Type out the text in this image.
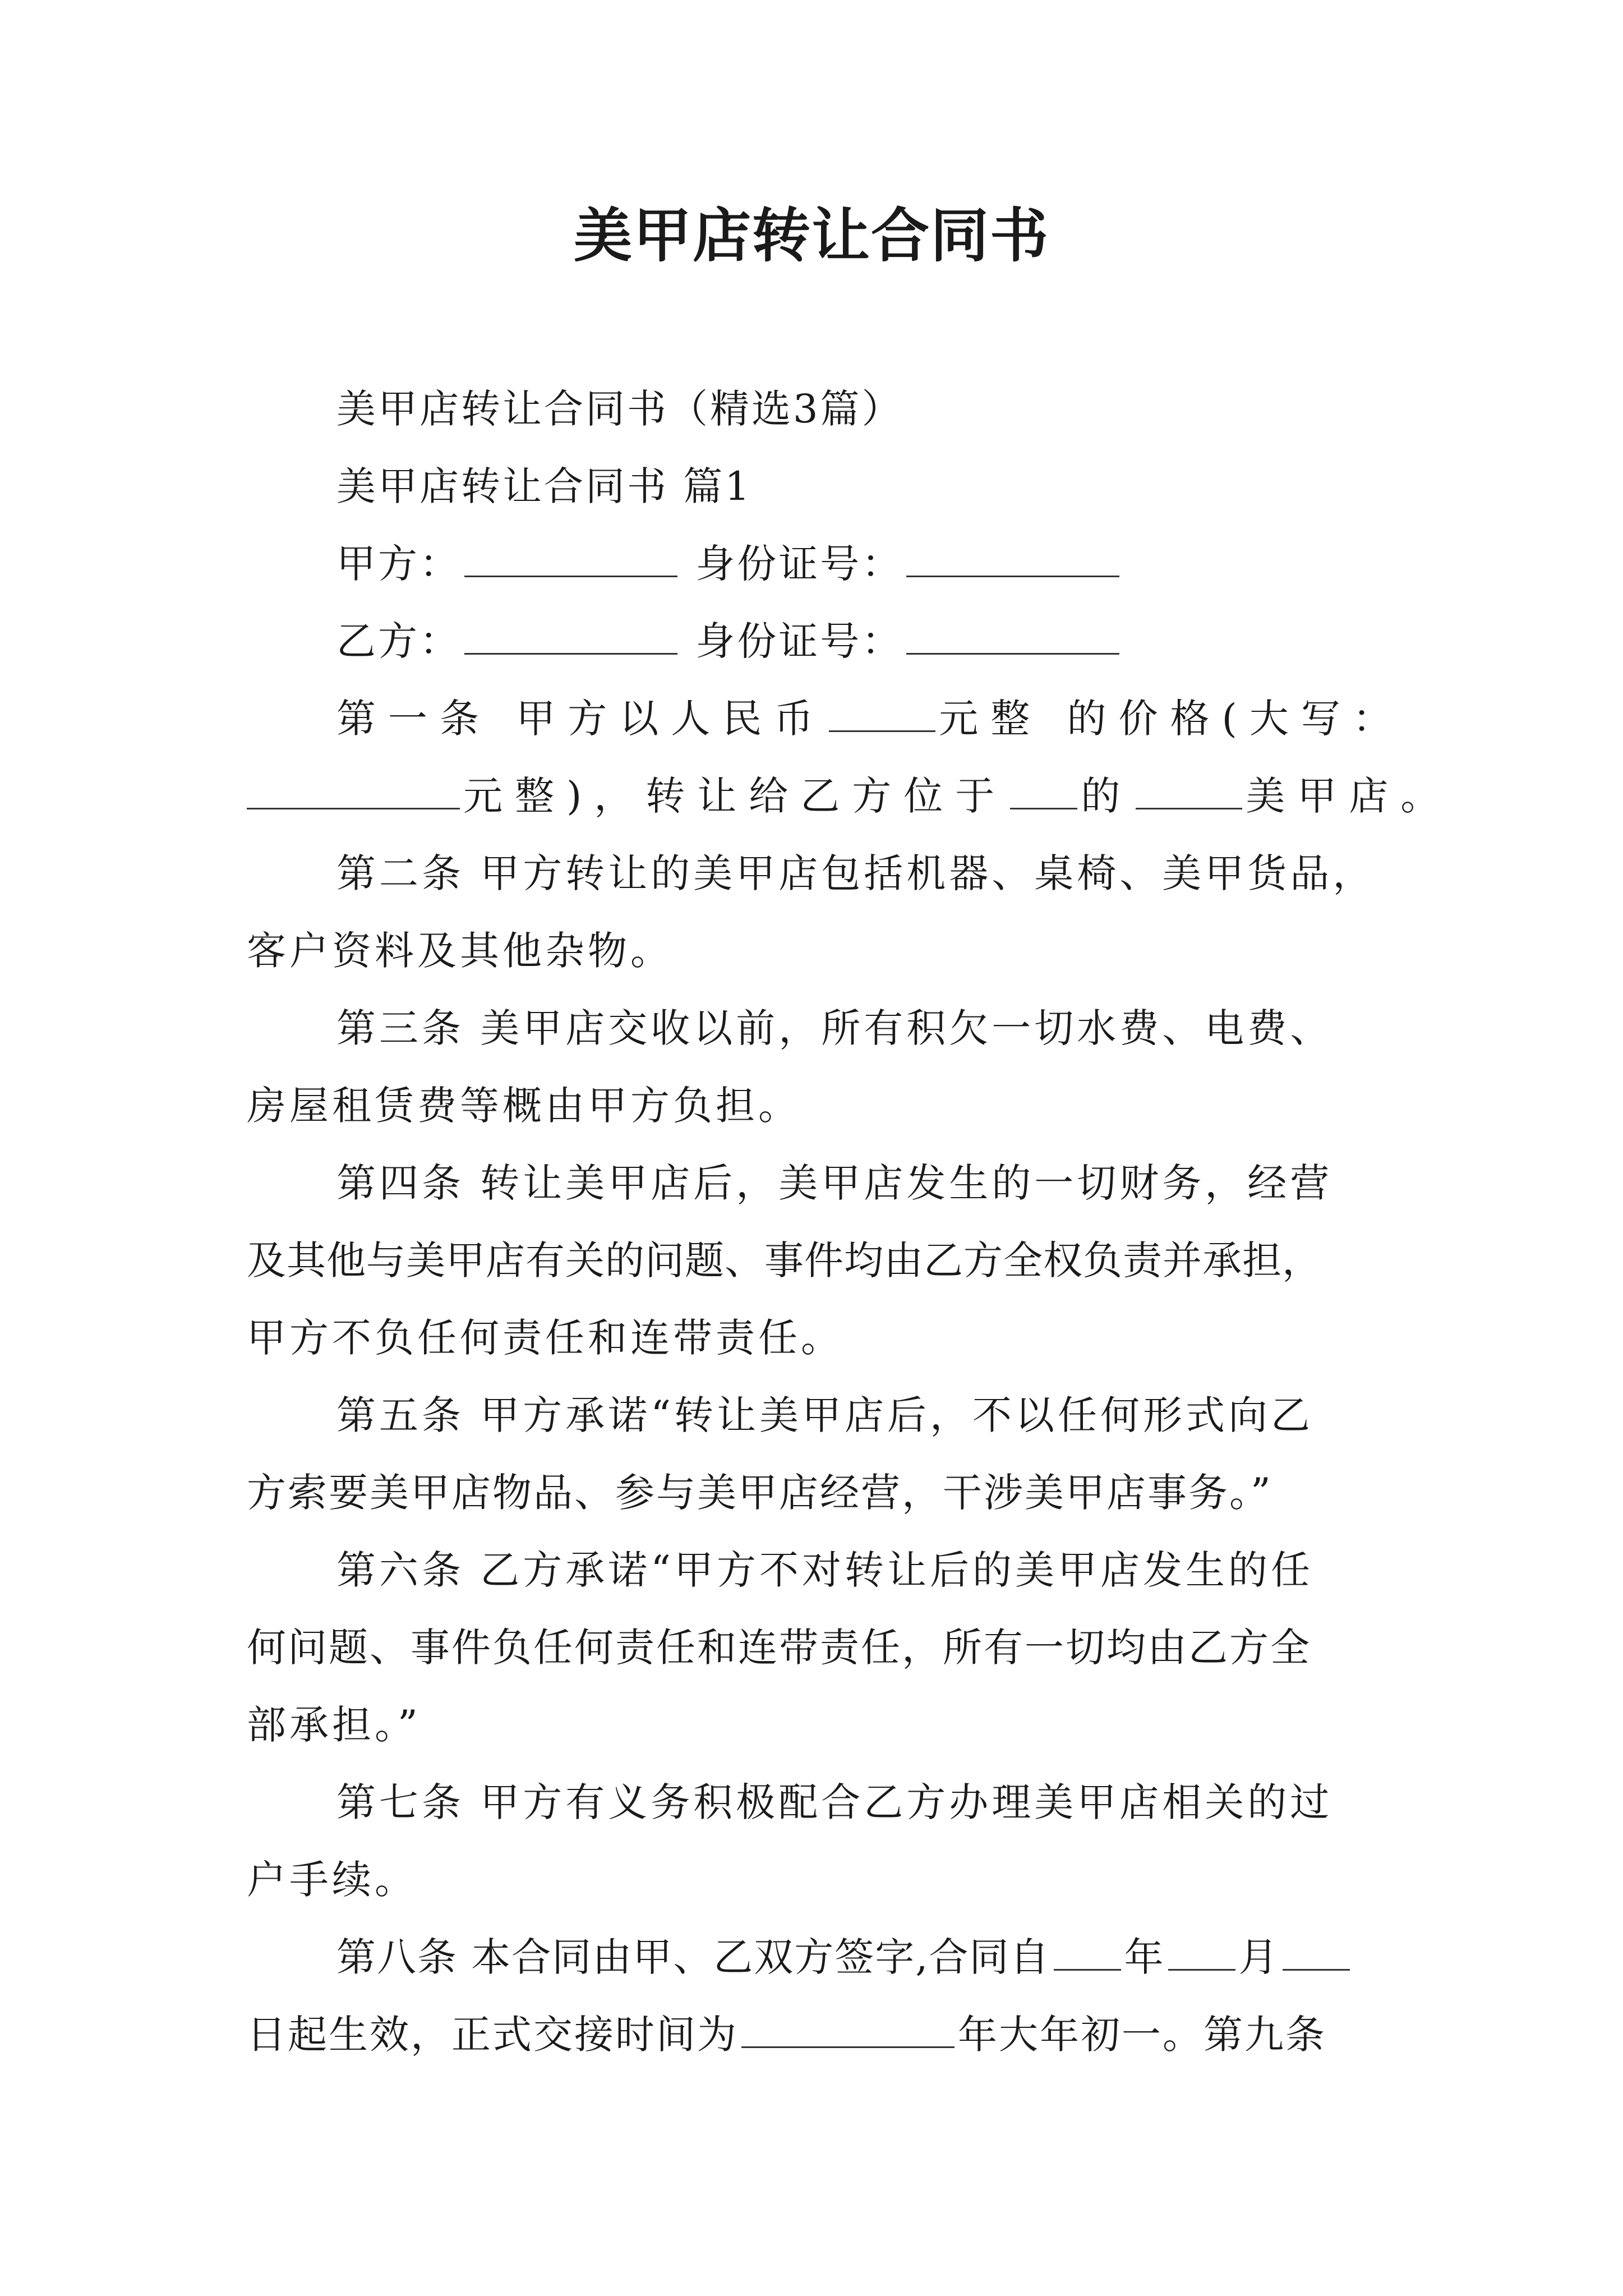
美甲店转让合同书
美甲店转让合同书（精选3篇）
美甲店转让合同书 篇1
甲方：	身份证号：
乙方：	身份证号：
第一条 甲方以人民币	元整 的价格(大写：
元整)，转让给乙方位于 的	美甲店。
第二条 甲方转让的美甲店包括机器、桌椅、美甲货品，
客户资料及其他杂物。
第三条 美甲店交收以前，所有积欠一切水费、电费、
房屋租赁费等概由甲方负担。
第四条 转让美甲店后，美甲店发生的一切财务，经营
及其他与美甲店有关的问题、事件均由乙方全权负责并承担，
甲方不负任何责任和连带责任。
第五条 甲方承诺“转让美甲店后，不以任何形式向乙
方索要美甲店物品、参与美甲店经营，干涉美甲店事务。”
第六条 乙方承诺“甲方不对转让后的美甲店发生的任
何问题、事件负任何责任和连带责任，所有一切均由乙方全
部承担。”
第七条 甲方有义务积极配合乙方办理美甲店相关的过
户手续。
第八条 本合同由甲、乙双方签字,合同自 年 月
日起生效，正式交接时间为	年大年初一。第九条
